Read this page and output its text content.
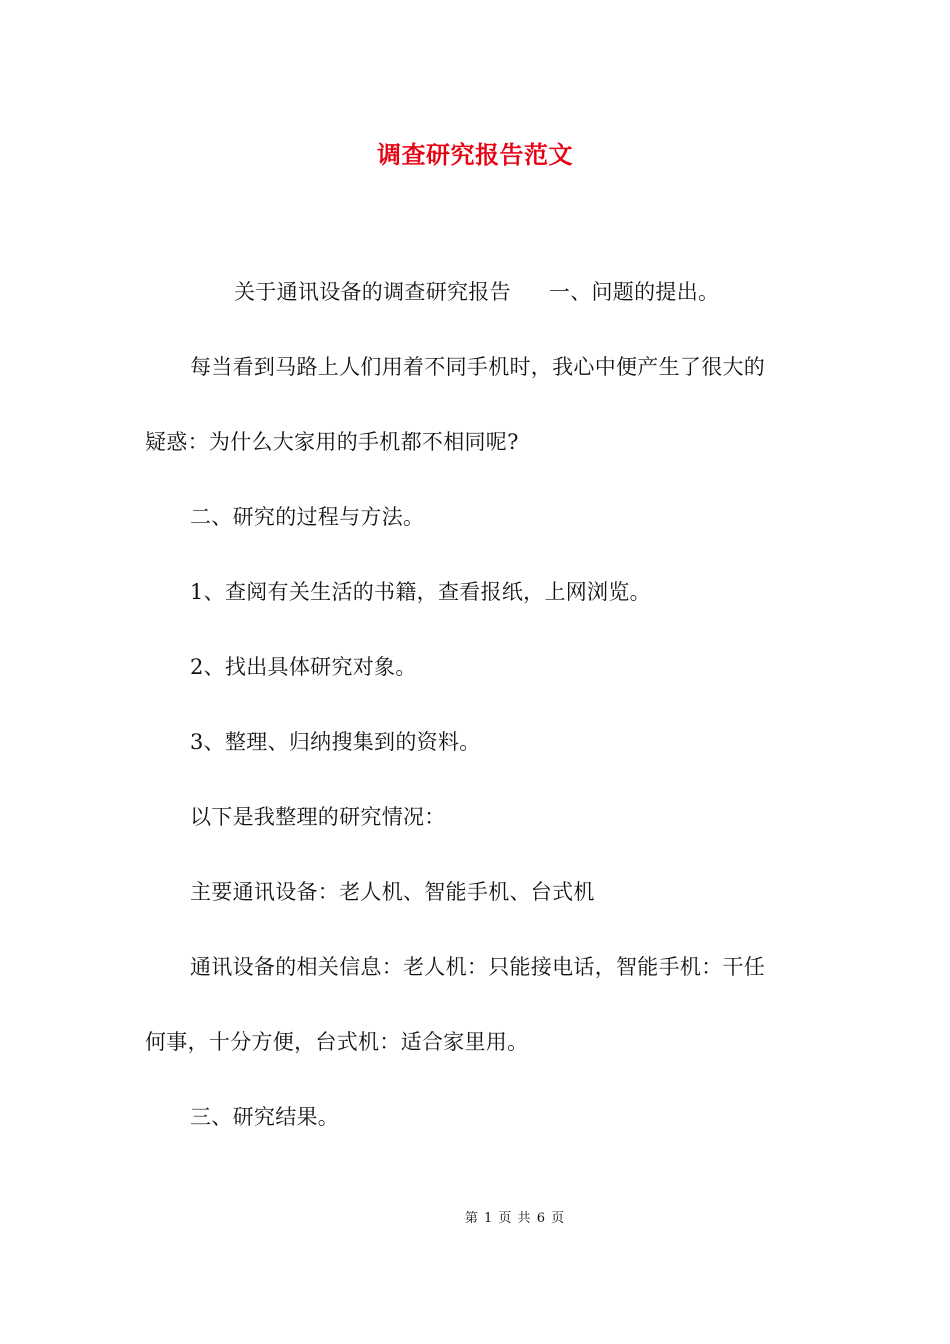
调查研究报告范文
关于通讯设备的调查研究报告 一、问题的提出。
每当看到马路上人们用着不同手机时，我心中便产生了很大的
疑惑：为什么大家用的手机都不相同呢?
二、研究的过程与方法。
1、查阅有关生活的书籍，查看报纸，上网浏览。
2、找出具体研究对象。
3、整理、归纳搜集到的资料。
以下是我整理的研究情况：
主要通讯设备：老人机、智能手机、台式机
通讯设备的相关信息：老人机：只能接电话，智能手机：干任
何事，十分方便，台式机：适合家里用。
三、研究结果。
第 1 页 共 6 页
